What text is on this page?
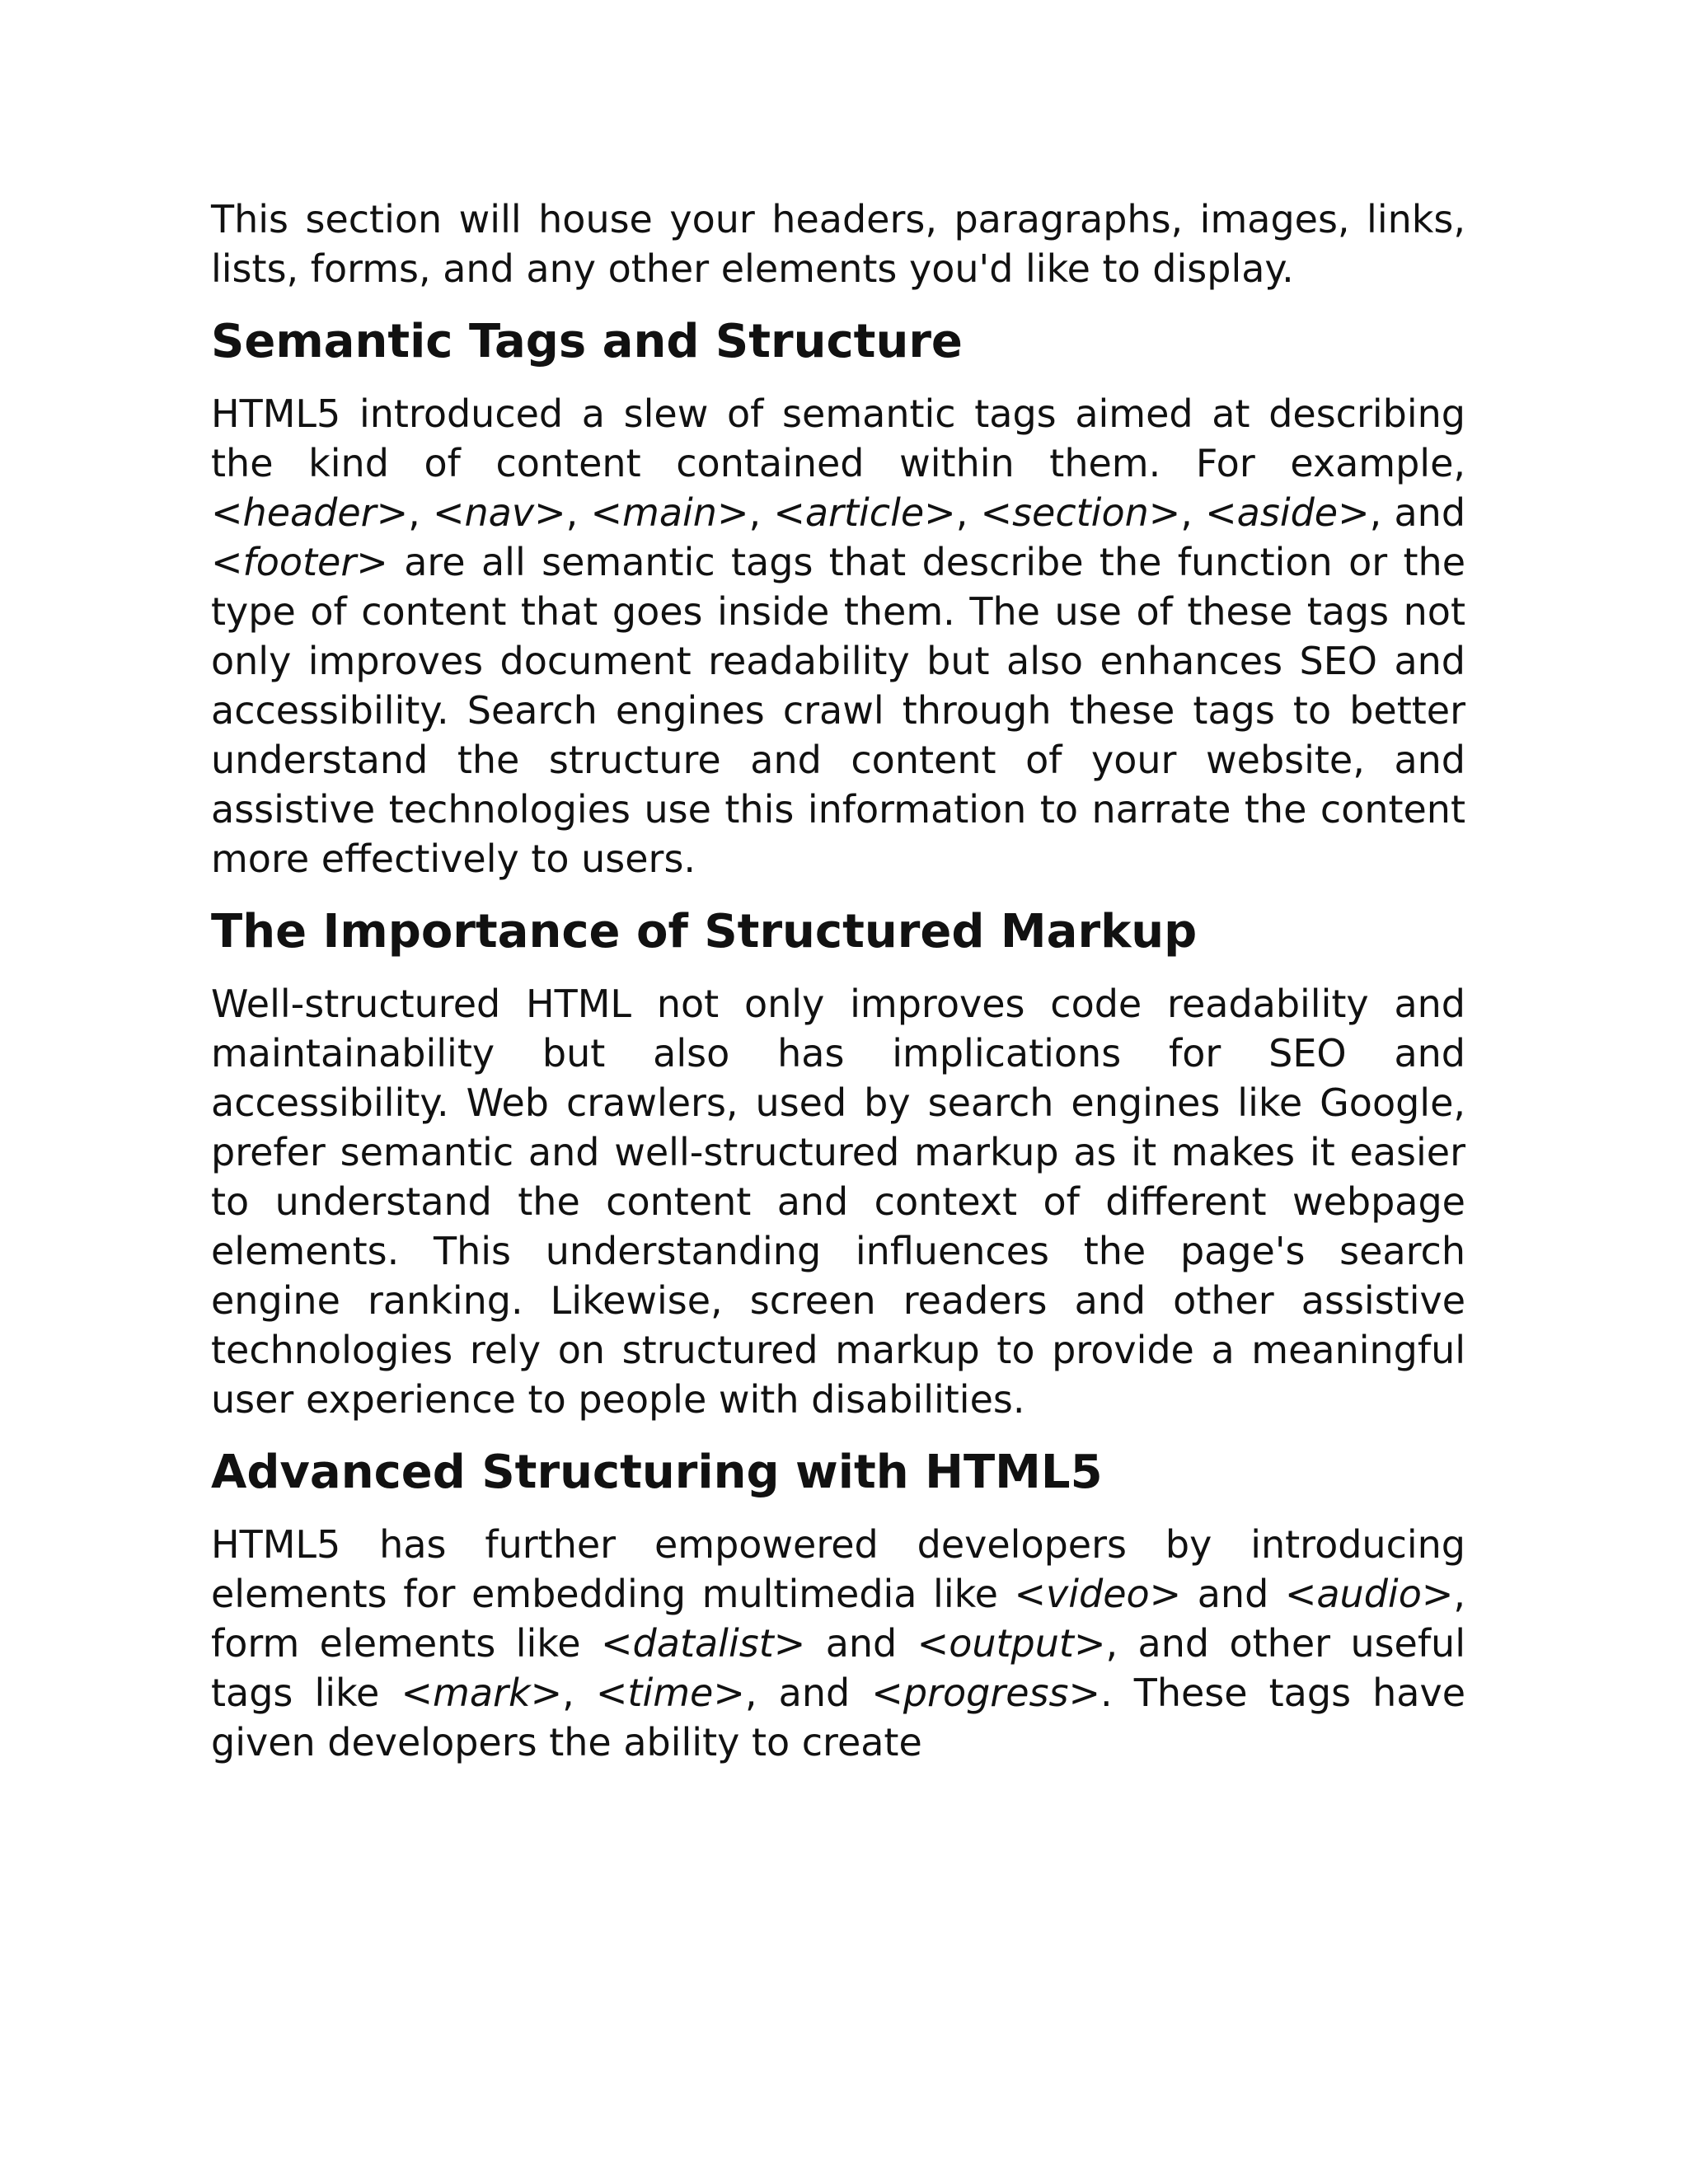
This section will house your headers, paragraphs, images, links, lists, forms, and any other elements you'd like to display.

Semantic Tags and Structure

HTML5 introduced a slew of semantic tags aimed at describing the kind of content contained within them. For example, <header>, <nav>, <main>, <article>, <section>, <aside>, and <footer> are all semantic tags that describe the function or the type of content that goes inside them. The use of these tags not only improves document readability but also enhances SEO and accessibility. Search engines crawl through these tags to better understand the structure and content of your website, and assistive technologies use this information to narrate the content more effectively to users.

The Importance of Structured Markup

Well-structured HTML not only improves code readability and maintainability but also has implications for SEO and accessibility. Web crawlers, used by search engines like Google, prefer semantic and well-structured markup as it makes it easier to understand the content and context of different webpage elements. This understanding influences the page's search engine ranking. Likewise, screen readers and other assistive technologies rely on structured markup to provide a meaningful user experience to people with disabilities.

Advanced Structuring with HTML5

HTML5 has further empowered developers by introducing elements for embedding multimedia like <video> and <audio>, form elements like <datalist> and <output>, and other useful tags like <mark>, <time>, and <progress>. These tags have given developers the ability to create
